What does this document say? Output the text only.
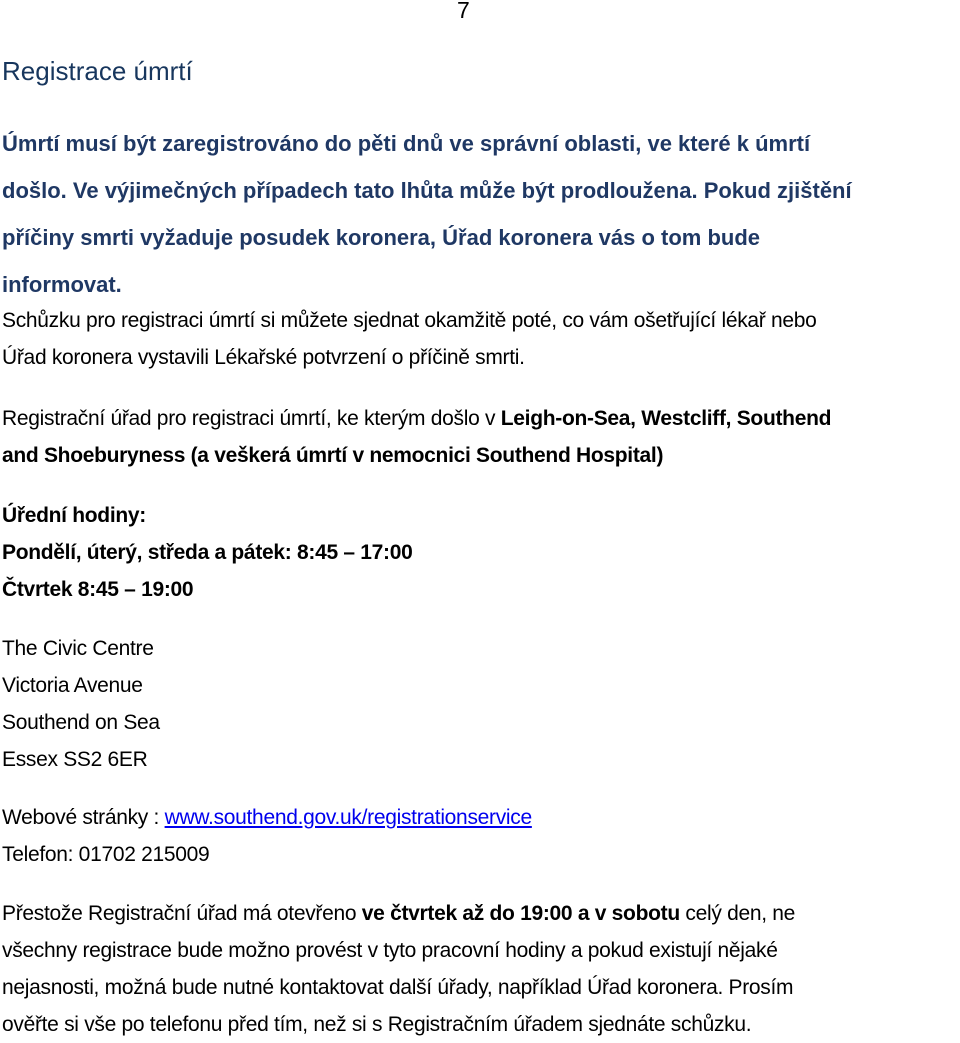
7
Registrace úmrtí
Úmrtí musí být zaregistrováno do pěti dnů ve správní oblasti, ve které k úmrtí
došlo. Ve výjimečných případech tato lhůta může být prodloužena. Pokud zjištění
příčiny smrti vyžaduje posudek koronera, Úřad koronera vás o tom bude
informovat.
Schůzku pro registraci úmrtí si můžete sjednat okamžitě poté, co vám ošetřující lékař nebo
Úřad koronera vystavili Lékařské potvrzení o příčině smrti.
Registrační úřad pro registraci úmrtí, ke kterým došlo v Leigh-on-Sea, Westcliff, Southend
and Shoeburyness (a veškerá úmrtí v nemocnici Southend Hospital)
Úřední hodiny:
Pondělí, úterý, středa a pátek: 8:45 – 17:00
Čtvrtek 8:45 – 19:00
The Civic Centre
Victoria Avenue
Southend on Sea
Essex SS2 6ER
Webové stránky : www.southend.gov.uk/registrationservice
Telefon: 01702 215009
Přestože Registrační úřad má otevřeno ve čtvrtek až do 19:00 a v sobotu celý den, ne
všechny registrace bude možno provést v tyto pracovní hodiny a pokud existují nějaké
nejasnosti, možná bude nutné kontaktovat další úřady, například Úřad koronera. Prosím
ověřte si vše po telefonu před tím, než si s Registračním úřadem sjednáte schůzku.
